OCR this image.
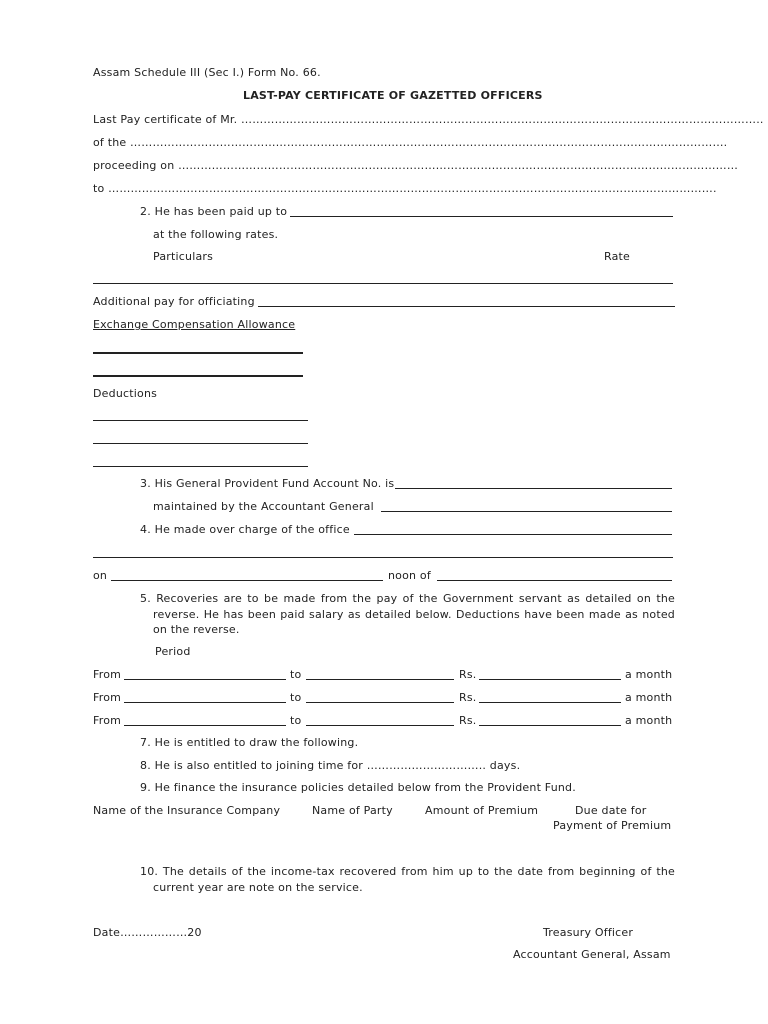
Assam Schedule III (Sec I.) Form No. 66.
LAST-PAY CERTIFICATE OF GAZETTED OFFICERS
Last Pay certificate of Mr. …………………………………………………………………………………………………………………………..
of the …………………………………………………………………………………………………………………………………………….
proceeding on ……………………………………………………………………………………………………………………………………
to ……………………………………………………………………………………………………………………………………………….
2. He has been paid up to
at the following rates.
Particulars	Rate
Additional pay for officiating
Exchange Compensation Allowance
Deductions
3. His General Provident Fund Account No. is
maintained by the Accountant General
4. He made over charge of the office
on	noon of
5. Recoveries are to be made from the pay of the Government servant as detailed on the reverse. He has been paid salary as detailed below. Deductions have been made as noted on the reverse.
Period
From	to	Rs.	a month
From	to	Rs.	a month
From	to	Rs.	a month
7. He is entitled to draw the following.
8. He is also entitled to joining time for ………………………….. days.
9. He finance the insurance policies detailed below from the Provident Fund.
Name of the Insurance Company	Name of Party	Amount of Premium	Due date for
Payment of Premium
10. The details of the income-tax recovered from him up to the date from beginning of the current year are note on the service.
Date………………20	Treasury Officer
Accountant General, Assam
